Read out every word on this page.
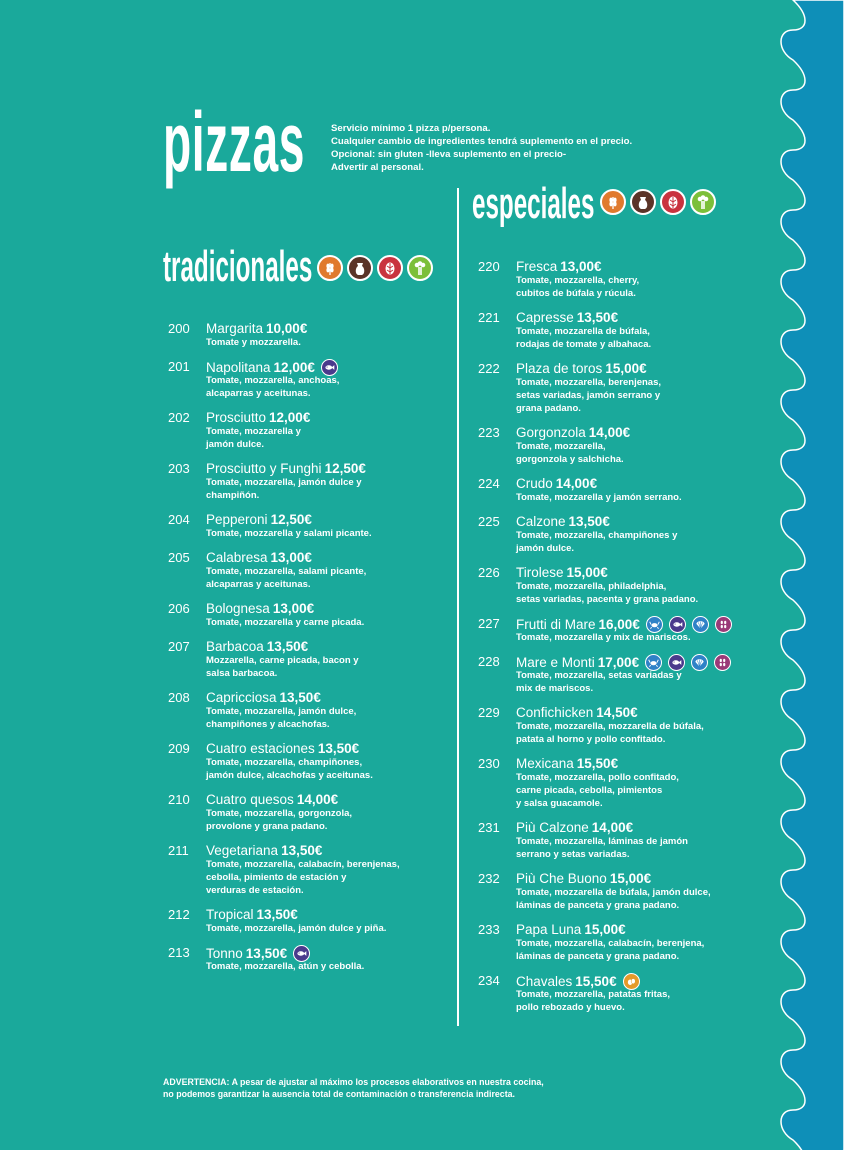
pizzas	Servicio mínimo 1 pizza p/persona.
Cualquier cambio de ingredientes tendrá suplemento en el precio.
Opcional: sin gluten -lleva suplemento en el precio-
Advertir al personal.
especiales
tradicionales
200 Margarita 10,00€
Tomate y mozzarella.
201 Napolitana 12,00€
Tomate, mozzarella, anchoas,
alcaparras y aceitunas.
202 Prosciutto 12,00€
Tomate, mozzarella y
jamón dulce.
203 Prosciutto y Funghi 12,50€
Tomate, mozzarella, jamón dulce y
champiñón.
204 Pepperoni 12,50€
Tomate, mozzarella y salami picante.
205 Calabresa 13,00€
Tomate, mozzarella, salami picante,
alcaparras y aceitunas.
206 Bolognesa 13,00€
Tomate, mozzarella y carne picada.
207 Barbacoa 13,50€
Mozzarella, carne picada, bacon y
salsa barbacoa.
208 Capricciosa 13,50€
Tomate, mozzarella, jamón dulce,
champiñones y alcachofas.
209 Cuatro estaciones 13,50€
Tomate, mozzarella, champiñones,
jamón dulce, alcachofas y aceitunas.
210 Cuatro quesos 14,00€
Tomate, mozzarella, gorgonzola,
provolone y grana padano.
211 Vegetariana 13,50€
Tomate, mozzarella, calabacín, berenjenas,
cebolla, pimiento de estación y
verduras de estación.
212 Tropical 13,50€
Tomate, mozzarella, jamón dulce y piña.
213 Tonno 13,50€
Tomate, mozzarella, atún y cebolla.
220 Fresca 13,00€
Tomate, mozzarella, cherry,
cubitos de búfala y rúcula.
221 Capresse 13,50€
Tomate, mozzarella de búfala,
rodajas de tomate y albahaca.
222 Plaza de toros 15,00€
Tomate, mozzarella, berenjenas,
setas variadas, jamón serrano y
grana padano.
223 Gorgonzola 14,00€
Tomate, mozzarella,
gorgonzola y salchicha.
224 Crudo 14,00€
Tomate, mozzarella y jamón serrano.
225 Calzone 13,50€
Tomate, mozzarella, champiñones y
jamón dulce.
226 Tirolese 15,00€
Tomate, mozzarella, philadelphia,
setas variadas, pacenta y grana padano.
227 Frutti di Mare 16,00€
Tomate, mozzarella y mix de mariscos.
228 Mare e Monti 17,00€
Tomate, mozzarella, setas variadas y
mix de mariscos.
229 Confichicken 14,50€
Tomate, mozzarella, mozzarella de búfala,
patata al horno y pollo confitado.
230 Mexicana 15,50€
Tomate, mozzarella, pollo confitado,
carne picada, cebolla, pimientos
y salsa guacamole.
231 Più Calzone 14,00€
Tomate, mozzarella, láminas de jamón
serrano y setas variadas.
232 Più Che Buono 15,00€
Tomate, mozzarella de búfala, jamón dulce,
láminas de panceta y grana padano.
233 Papa Luna 15,00€
Tomate, mozzarella, calabacín, berenjena,
láminas de panceta y grana padano.
234 Chavales 15,50€
Tomate, mozzarella, patatas fritas,
pollo rebozado y huevo.
ADVERTENCIA: A pesar de ajustar al máximo los procesos elaborativos en nuestra cocina,
no podemos garantizar la ausencia total de contaminación o transferencia indirecta.
